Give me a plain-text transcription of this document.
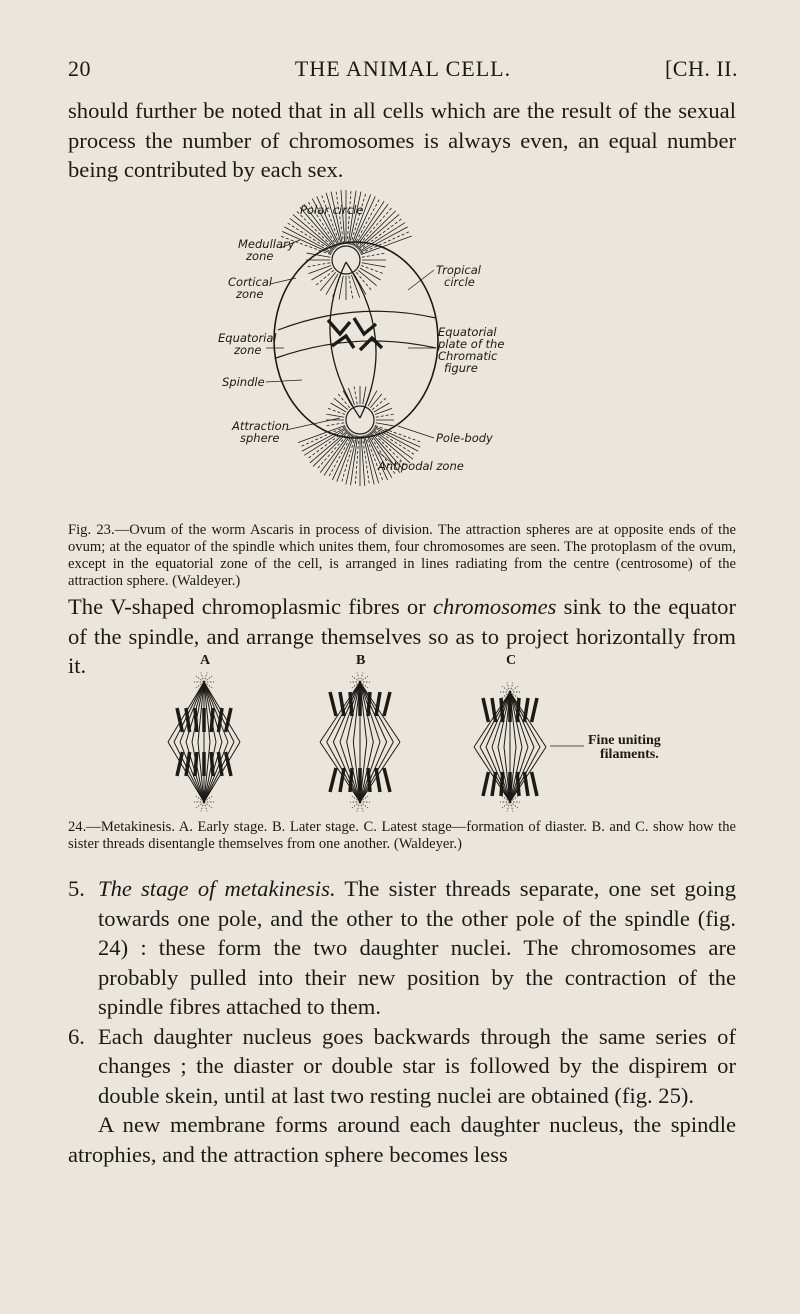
20	THE ANIMAL CELL.	[CH. II.
should further be noted that in all cells which are the result of the sexual process the number of chromosomes is always even, an equal number being contributed by each sex.
Polar circle
Medullary
zone
Cortical
zone
Equatorial
zone
Spindle
Attraction
sphere
Tropical
circle
Equatorial
plate of the
Chromatic
figure
Pole-body
Antipodal zone
Fig. 23.—Ovum of the worm Ascaris in process of division. The attraction spheres are at opposite ends of the ovum; at the equator of the spindle which unites them, four chromosomes are seen. The protoplasm of the ovum, except in the equatorial zone of the cell, is arranged in lines radiating from the centre (centrosome) of the attraction sphere. (Waldeyer.)
The V-shaped chromoplasmic fibres or chromosomes sink to the equator of the spindle, and arrange themselves so as to project horizontally from it.	A	B	C
Fine uniting
filaments.
24.—Metakinesis. A. Early stage. B. Later stage. C. Latest stage—formation of diaster. B. and C. show how the sister threads disentangle themselves from one another. (Waldeyer.)
5. The stage of metakinesis. The sister threads separate, one set going towards one pole, and the other to the other pole of the spindle (fig. 24) : these form the two daughter nuclei. The chromosomes are probably pulled into their new position by the contraction of the spindle fibres attached to them.
6. Each daughter nucleus goes backwards through the same series of changes ; the diaster or double star is followed by the dispirem or double skein, until at last two resting nuclei are obtained (fig. 25).
A new membrane forms around each daughter nucleus, the spindle atrophies, and the attraction sphere becomes less
